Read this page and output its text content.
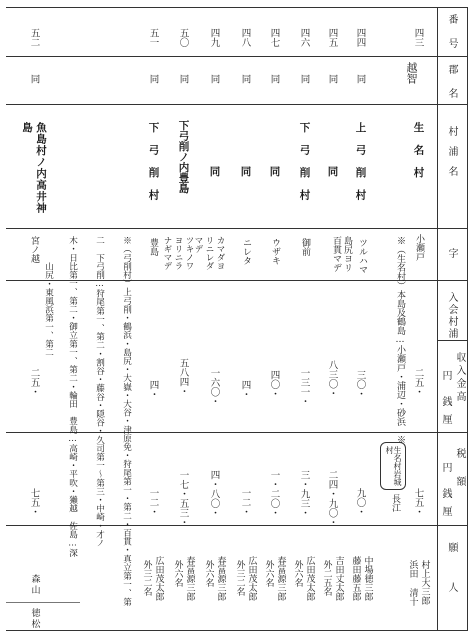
番号
郡名
村浦名
字
入会村浦
収入金高
円
銭
厘
税額
円
銭
厘
願人
四三
越智
生名村
小瀬戸
二五・
七五・
村上大三郎
浜田 清十
※（生名村）本島及鶴島…小瀬戸・浦辺・砂浜　※
生名村岩城村
長江
四四
同
上弓削村
ツルハマ
三〇・
九〇・
中場徳三郎
藤田藤五郎
四五
同
同
島尻ヨリ百貫マデ
八三〇・
二四・九〇・
吉田丈太郎
外二五名
四六
同
下弓削村
御前
一三一・
三・九三・
広田茂太郎
外六名
四七
同
同
ウザキ
四〇・
一・二〇・
春冨源三郎
外六名
四八
同
同
ニレタ
四・
一二・
広田茂太郎
外三二名
四九
同
同
カマダヨリニレダマデ
一六〇・
四・八〇・
春冨源三郎
外六名
五〇
同
下弓削ノ内豊島
ツキノワヨリニラナギマデ
五八四・
一七・五三・
春冨源三郎
外六名
五一
同
下弓削村
豊島
四・
一二・
広田茂太郎
外三二名
※（弓削村）上弓削・鶴浜・島尻・大嶽・大谷・津原免・狩尾第一・第二・百貫・真立第一、第
二　下弓削…狩尾第一、第二・割谷・藤谷・隠谷・久司第一〜第三・中崎・才ノ
木・日比第一、第二・御立第一、第二・輪田　豊島…高崎・平吹・獺越　佐島…深
山尻・東風浜第一、第二
五二
同
魚島村ノ内高井神島
宮ノ越
二五・
七五・
森山 徳松
